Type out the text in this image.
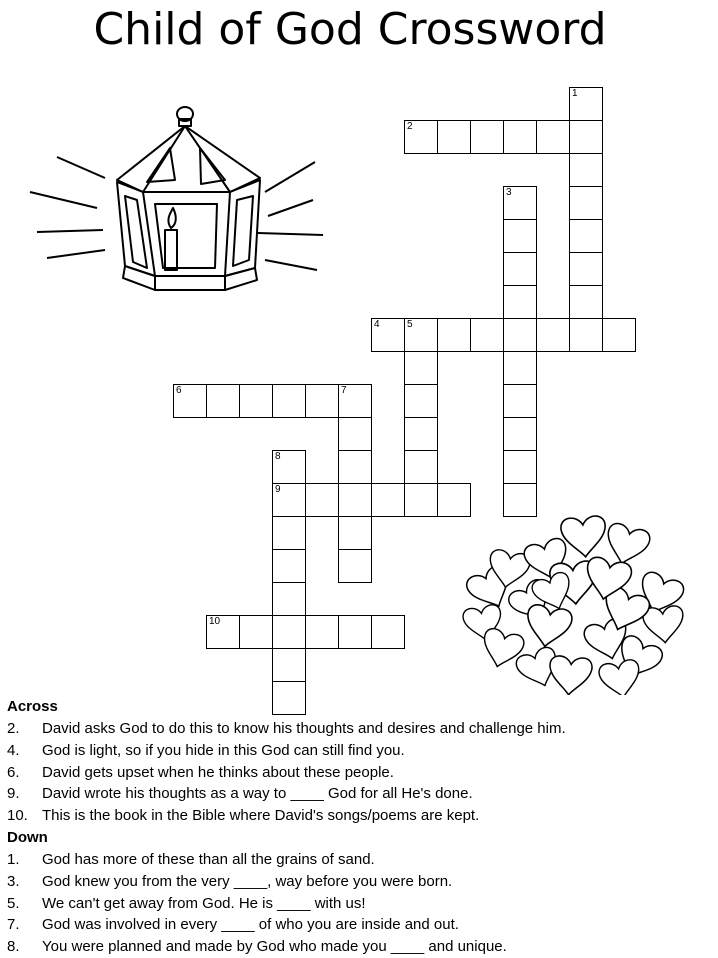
Child of God Crossword
1
2
3
4	5
6	7
8
9
10
Across
2. David asks God to do this to know his thoughts and desires and challenge him.
4. God is light, so if you hide in this God can still find you.
6. David gets upset when he thinks about these people.
9. David wrote his thoughts as a way to ____ God for all He's done.
10. This is the book in the Bible where David's songs/poems are kept.
Down
1. God has more of these than all the grains of sand.
3. God knew you from the very ____, way before you were born.
5. We can't get away from God. He is ____ with us!
7. God was involved in every ____ of who you are inside and out.
8. You were planned and made by God who made you ____ and unique.
